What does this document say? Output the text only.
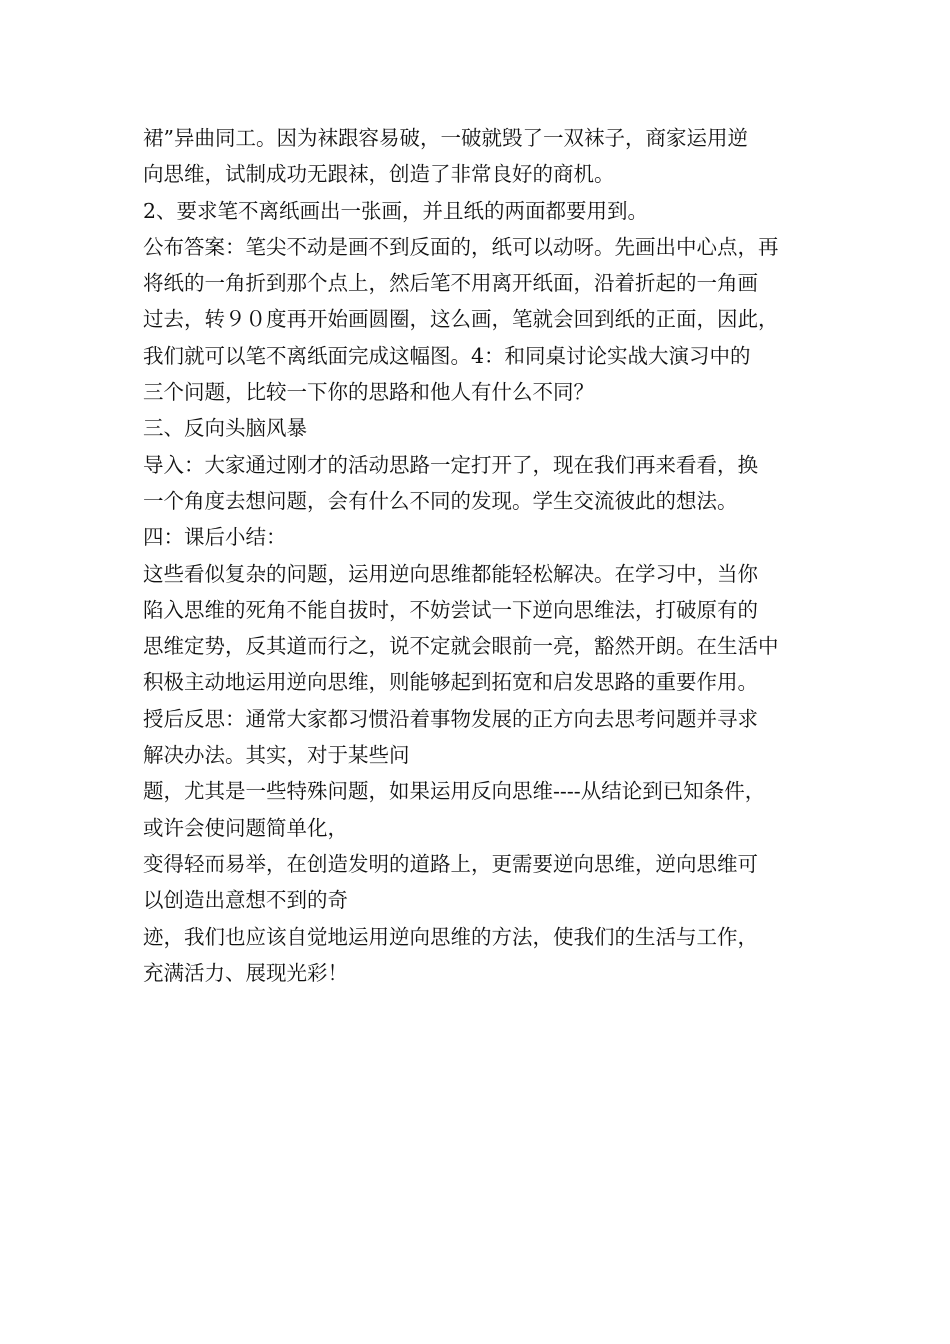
裙”异曲同工。因为袜跟容易破，一破就毁了一双袜子，商家运用逆
向思维，试制成功无跟袜，创造了非常良好的商机。
2、要求笔不离纸画出一张画，并且纸的两面都要用到。
公布答案：笔尖不动是画不到反面的，纸可以动呀。先画出中心点，再
将纸的一角折到那个点上，然后笔不用离开纸面，沿着折起的一角画
过去，转９０度再开始画圆圈，这么画，笔就会回到纸的正面，因此，
我们就可以笔不离纸面完成这幅图。4：和同桌讨论实战大演习中的
三个问题，比较一下你的思路和他人有什么不同？
三、反向头脑风暴
导入：大家通过刚才的活动思路一定打开了，现在我们再来看看，换
一个角度去想问题，会有什么不同的发现。学生交流彼此的想法。
四：课后小结：
这些看似复杂的问题，运用逆向思维都能轻松解决。在学习中，当你
陷入思维的死角不能自拔时，不妨尝试一下逆向思维法，打破原有的
思维定势，反其道而行之，说不定就会眼前一亮，豁然开朗。在生活中
积极主动地运用逆向思维，则能够起到拓宽和启发思路的重要作用。
授后反思：通常大家都习惯沿着事物发展的正方向去思考问题并寻求
解决办法。其实，对于某些问
题，尤其是一些特殊问题，如果运用反向思维----从结论到已知条件，
或许会使问题简单化，
变得轻而易举，在创造发明的道路上，更需要逆向思维，逆向思维可
以创造出意想不到的奇
迹，我们也应该自觉地运用逆向思维的方法，使我们的生活与工作，
充满活力、展现光彩！
